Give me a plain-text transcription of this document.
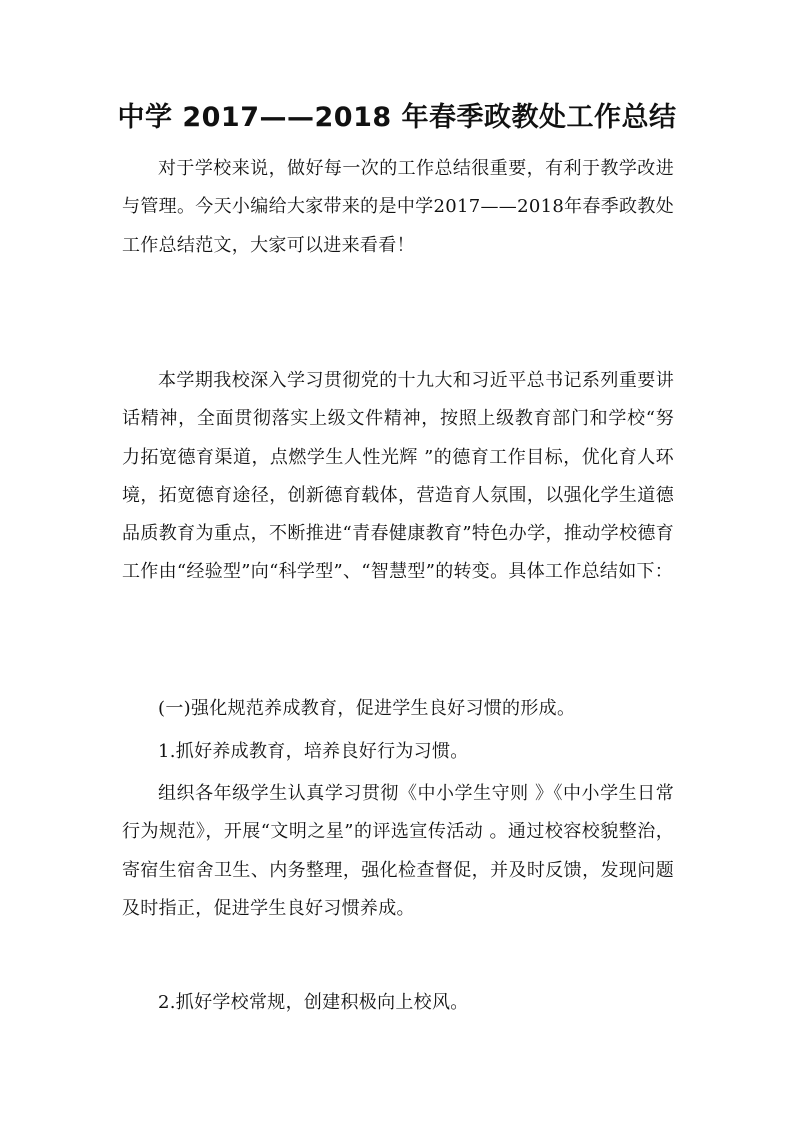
中学 2017——2018 年春季政教处工作总结

对于学校来说，做好每一次的工作总结很重要，有利于教学改进与管理。今天小编给大家带来的是中学2017——2018年春季政教处工作总结范文，大家可以进来看看！

本学期我校深入学习贯彻党的十九大和习近平总书记系列重要讲话精神，全面贯彻落实上级文件精神，按照上级教育部门和学校“努力拓宽德育渠道，点燃学生人性光辉 ”的德育工作目标，优化育人环境，拓宽德育途径，创新德育载体，营造育人氛围，以强化学生道德品质教育为重点，不断推进“青春健康教育”特色办学，推动学校德育工作由“经验型”向“科学型”、“智慧型”的转变。具体工作总结如下：

(一)强化规范养成教育，促进学生良好习惯的形成。

1.抓好养成教育，培养良好行为习惯。

组织各年级学生认真学习贯彻《中小学生守则 》《中小学生日常行为规范》，开展“文明之星”的评选宣传活动 。通过校容校貌整治，寄宿生宿舍卫生、内务整理，强化检查督促，并及时反馈，发现问题及时指正，促进学生良好习惯养成。

2.抓好学校常规，创建积极向上校风。
